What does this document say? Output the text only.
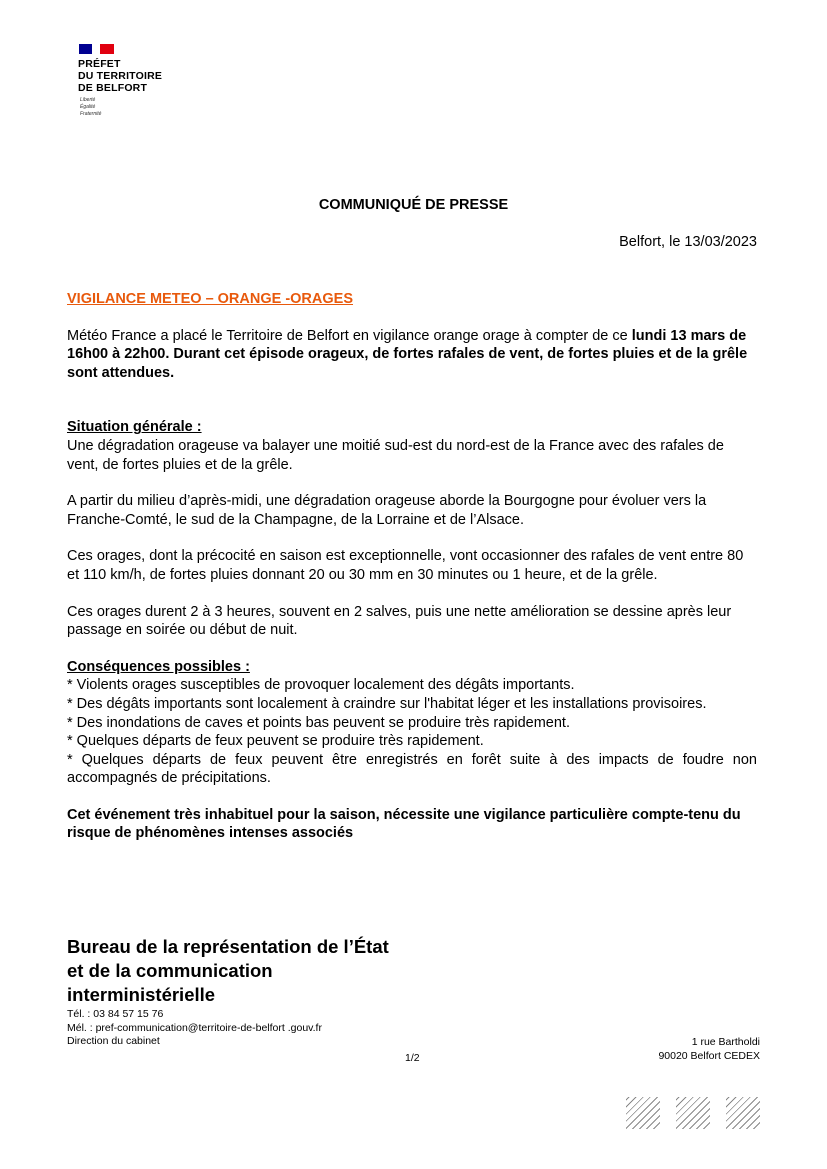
PRÉFET
DU TERRITOIRE
DE BELFORT
Liberté
Égalité
Fraternité
COMMUNIQUÉ DE PRESSE
Belfort, le 13/03/2023

VIGILANCE METEO – ORANGE -ORAGES

Météo France a placé le Territoire de Belfort en vigilance orange orage à compter de ce lundi 13 mars de 16h00 à 22h00. Durant cet épisode orageux, de fortes rafales de vent, de fortes pluies et de la grêle sont attendues.

Situation générale :

Une dégradation orageuse va balayer une moitié sud-est du nord-est de la France avec des rafales de vent, de fortes pluies et de la grêle.

A partir du milieu d’après-midi, une dégradation orageuse aborde la Bourgogne pour évoluer vers la Franche-Comté, le sud de la Champagne, de la Lorraine et de l’Alsace.

Ces orages, dont la précocité en saison est exceptionnelle, vont occasionner des rafales de vent entre 80 et 110 km/h, de fortes pluies donnant 20 ou 30 mm en 30 minutes ou 1 heure, et de la grêle.

Ces orages durent 2 à 3 heures, souvent en 2 salves, puis une nette amélioration se dessine après leur passage en soirée ou début de nuit.

Conséquences possibles :

* Violents orages susceptibles de provoquer localement des dégâts importants.

* Des dégâts importants sont localement à craindre sur l'habitat léger et les installations provisoires.

* Des inondations de caves et points bas peuvent se produire très rapidement.

* Quelques départs de feux peuvent se produire très rapidement.

* Quelques départs de feux peuvent être enregistrés en forêt suite à des impacts de foudre non accompagnés de précipitations.

Cet événement très inhabituel pour la saison, nécessite une vigilance particulière compte-tenu du risque de phénomènes intenses associés

Bureau de la représentation de l’État et de la communication interministérielle
Tél. : 03 84 57 15 76
Mél. : pref-communication@territoire-de-belfort .gouv.fr
Direction du cabinet
1/2
1 rue Bartholdi
90020 Belfort CEDEX
